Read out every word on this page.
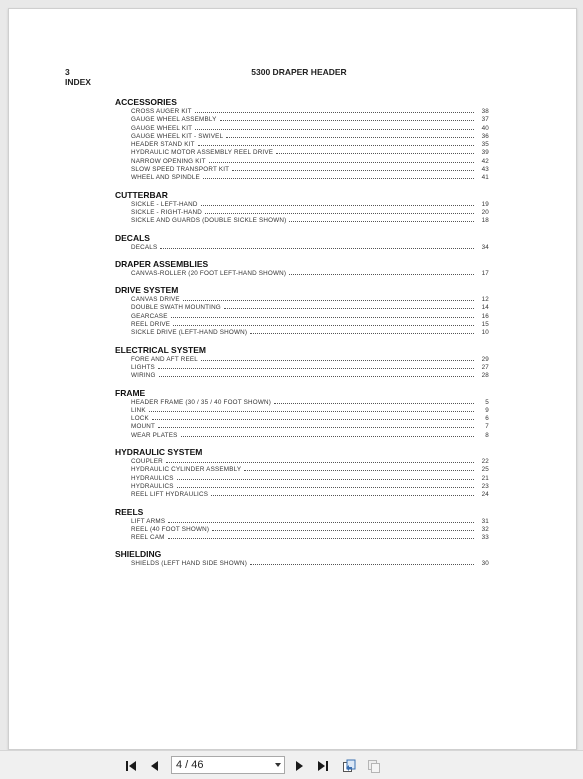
3
INDEX
5300 DRAPER HEADER
ACCESSORIES
CROSS AUGER KIT	38
GAUGE WHEEL ASSEMBLY	37
GAUGE WHEEL KIT	40
GAUGE WHEEL KIT - SWIVEL	36
HEADER STAND KIT	35
HYDRAULIC MOTOR ASSEMBLY REEL DRIVE	39
NARROW OPENING KIT	42
SLOW SPEED TRANSPORT KIT	43
WHEEL AND SPINDLE	41
CUTTERBAR
SICKLE - LEFT-HAND	19
SICKLE - RIGHT-HAND	20
SICKLE AND GUARDS (DOUBLE SICKLE SHOWN)	18
DECALS
DECALS	34
DRAPER ASSEMBLIES
CANVAS-ROLLER (20 FOOT LEFT-HAND SHOWN)	17
DRIVE SYSTEM
CANVAS DRIVE	12
DOUBLE SWATH MOUNTING	14
GEARCASE	16
REEL DRIVE	15
SICKLE DRIVE (LEFT-HAND SHOWN)	10
ELECTRICAL SYSTEM
FORE AND AFT REEL	29
LIGHTS	27
WIRING	28
FRAME
HEADER FRAME (30 / 35 / 40 FOOT SHOWN)	5
LINK	9
LOCK	6
MOUNT	7
WEAR PLATES	8
HYDRAULIC SYSTEM
COUPLER	22
HYDRAULIC CYLINDER ASSEMBLY	25
HYDRAULICS	21
HYDRAULICS	23
REEL LIFT HYDRAULICS	24
REELS
LIFT ARMS	31
REEL (40 FOOT SHOWN)	32
REEL CAM	33
SHIELDING
SHIELDS (LEFT HAND SIDE SHOWN)	30
4 / 46
